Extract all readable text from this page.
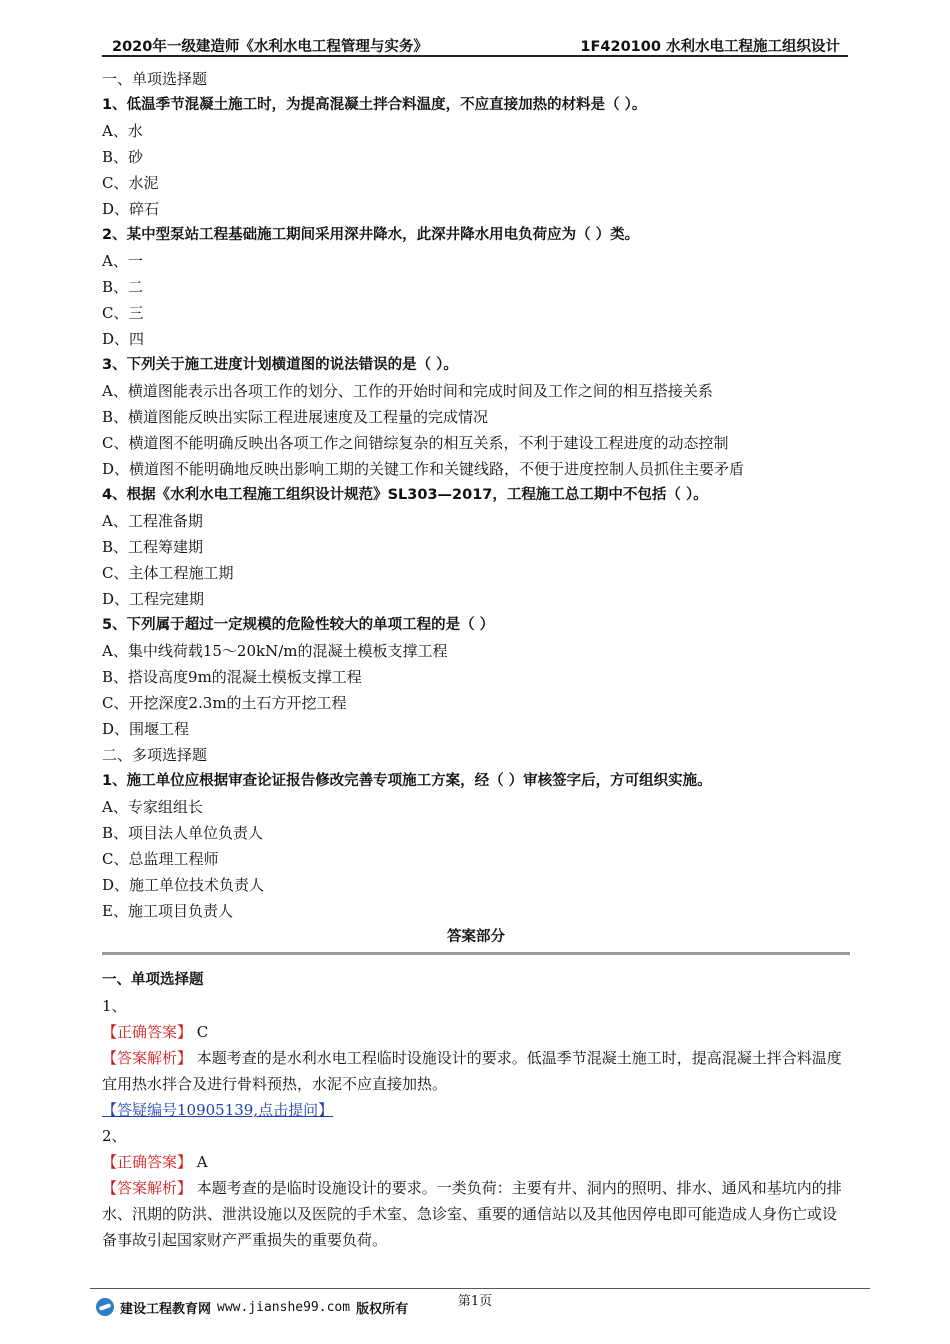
2020年一级建造师《水利水电工程管理与实务》	1F420100 水利水电工程施工组织设计
一、单项选择题
1、低温季节混凝土施工时，为提高混凝土拌合料温度，不应直接加热的材料是（ ）。
A、水
B、砂
C、水泥
D、碎石
2、某中型泵站工程基础施工期间采用深井降水，此深井降水用电负荷应为（ ）类。
A、一
B、二
C、三
D、四
3、下列关于施工进度计划横道图的说法错误的是（ ）。
A、横道图能表示出各项工作的划分、工作的开始时间和完成时间及工作之间的相互搭接关系
B、横道图能反映出实际工程进展速度及工程量的完成情况
C、横道图不能明确反映出各项工作之间错综复杂的相互关系，不利于建设工程进度的动态控制
D、横道图不能明确地反映出影响工期的关键工作和关键线路，不便于进度控制人员抓住主要矛盾
4、根据《水利水电工程施工组织设计规范》SL303—2017，工程施工总工期中不包括（ ）。
A、工程准备期
B、工程筹建期
C、主体工程施工期
D、工程完建期
5、下列属于超过一定规模的危险性较大的单项工程的是（ ）
A、集中线荷载15～20kN/m的混凝土模板支撑工程
B、搭设高度9m的混凝土模板支撑工程
C、开挖深度2.3m的土石方开挖工程
D、围堰工程
二、多项选择题
1、施工单位应根据审查论证报告修改完善专项施工方案，经（ ）审核签字后，方可组织实施。
A、专家组组长
B、项目法人单位负责人
C、总监理工程师
D、施工单位技术负责人
E、施工项目负责人
答案部分
一、单项选择题
1、
【正确答案】 C
【答案解析】 本题考查的是水利水电工程临时设施设计的要求。低温季节混凝土施工时，提高混凝土拌合料温度宜用热水拌合及进行骨料预热，水泥不应直接加热。
【答疑编号10905139,点击提问】
2、
【正确答案】 A
【答案解析】 本题考查的是临时设施设计的要求。一类负荷：主要有井、洞内的照明、排水、通风和基坑内的排水、汛期的防洪、泄洪设施以及医院的手术室、急诊室、重要的通信站以及其他因停电即可能造成人身伤亡或设备事故引起国家财产严重损失的重要负荷。
第1页
建设工程教育网 www.jianshe99.com 版权所有
